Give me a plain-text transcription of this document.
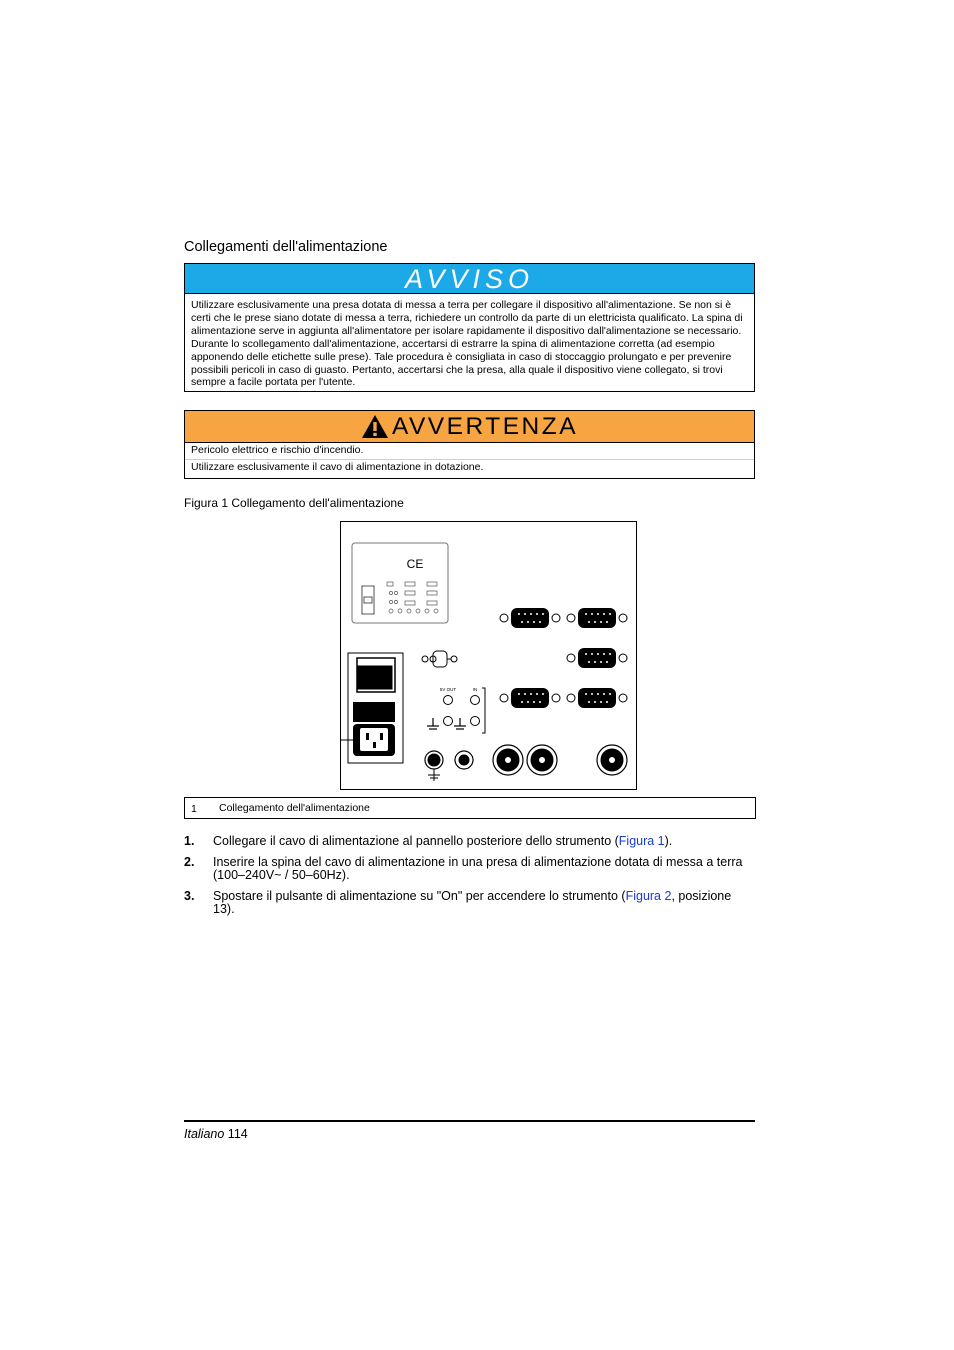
Collegamenti dell'alimentazione
AVVISO
Utilizzare esclusivamente una presa dotata di messa a terra per collegare il dispositivo all'alimentazione. Se non si è certi che le prese siano dotate di messa a terra, richiedere un controllo da parte di un elettricista qualificato. La spina di alimentazione serve in aggiunta all'alimentatore per isolare rapidamente il dispositivo dall'alimentazione se necessario. Durante lo scollegamento dall'alimentazione, accertarsi di estrarre la spina di alimentazione corretta (ad esempio apponendo delle etichette sulle prese). Tale procedura è consigliata in caso di stoccaggio prolungato e per prevenire possibili pericoli in caso di guasto. Pertanto, accertarsi che la presa, alla quale il dispositivo viene collegato, si trovi sempre a facile portata per l'utente.
AVVERTENZA
Pericolo elettrico e rischio d'incendio.
Utilizzare esclusivamente il cavo di alimentazione in dotazione.
Figura 1 Collegamento dell'alimentazione
CE
5V OUT	IN
1 Collegamento dell'alimentazione
1. Collegare il cavo di alimentazione al pannello posteriore dello strumento (Figura 1).
2. Inserire la spina del cavo di alimentazione in una presa di alimentazione dotata di messa a terra (100–240V~ / 50–60Hz).
3. Spostare il pulsante di alimentazione su "On" per accendere lo strumento (Figura 2, posizione 13).
Italiano 114
